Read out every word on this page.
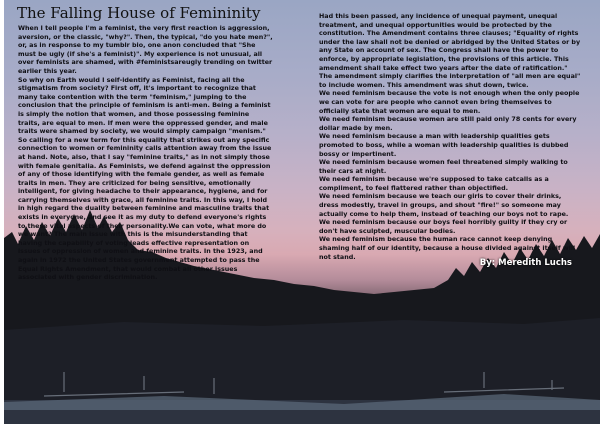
The Falling House of Femininity

When I tell people I'm a feminist, the very first reaction is aggression, aversion, or the classic, "why?". Then, the typical, "do you hate men?", or, as in response to my tumblr bio, one anon concluded that "She must be ugly (if she's a feminist)". My experience is not unusual, all over feminists are shamed, with #feministsareugly trending on twitter earlier this year.

So why on Earth would I self-identify as Feminist, facing all the stigmatism from society? First off, it's important to recognize that many take contention with the term "feminism," jumping to the conclusion that the principle of feminism is anti-men. Being a feminist is simply the notion that women, and those possessing feminine traits, are equal to men. If men were the oppressed gender, and male traits were shamed by society, we would simply campaign "menism." So calling for a new term for this equality that strikes out any specific connection to women or femininity calls attention away from the issue at hand. Note, also, that I say "feminine traits," as in not simply those with female genitalia. As Feminists, we defend against the oppression of any of those identifying with the female gender, as well as female traits in men. They are criticized for being sensitive, emotionally intelligent, for giving headache to their appearance, hygiene, and for carrying themselves with grace, all feminine traits. In this way, I hold in high regard the duality between feminine and masculine traits that exists in everyone, and see it as my duty to defend everyone's rights to these vital aspects of their personality.We can vote, what more do we want? The main issue with this is the misunderstanding that having the capability of voting leads effective representation on issues of oppression of women and feminine traits. In the 1923, and again in 1972 the United States government attempted to pass the Equal Rights Amendment, that would combat all other issues associated with gender discrimination.

Had this been passed, any incidence of unequal payment, unequal treatment, and unequal opportunities would be protected by the constitution. The Amendment contains three clauses; "Equality of rights under the law shall not be denied or abridged by the United States or by any State on account of sex. The Congress shall have the power to enforce, by appropriate legislation, the provisions of this article. This amendment shall take effect two years after the date of ratification." The amendment simply clarifies the interpretation of "all men are equal" to include women. This amendment was shut down, twice.

We need feminism because the vote is not enough when the only people we can vote for are people who cannot even bring themselves to officially state that women are equal to men.

We need feminism because women are still paid only 78 cents for every dollar made by men.

We need feminism because a man with leadership qualities gets promoted to boss, while a woman with leadership qualities is dubbed bossy or impertinent.

We need feminism because women feel threatened simply walking to their cars at night.

We need feminism because we're supposed to take catcalls as a compliment, to feel flattered rather than objectified.

We need feminism because we teach our girls to cover their drinks, dress modestly, travel in groups, and shout "fire!" so someone may actually come to help them, instead of teaching our boys not to rape.

We need feminism because our boys feel horribly guilty if they cry or don't have sculpted, muscular bodies.

We need feminism because the human race cannot keep denying shaming half of our identity, because a house divided against itself will not stand.

By: Meredith Luchs
